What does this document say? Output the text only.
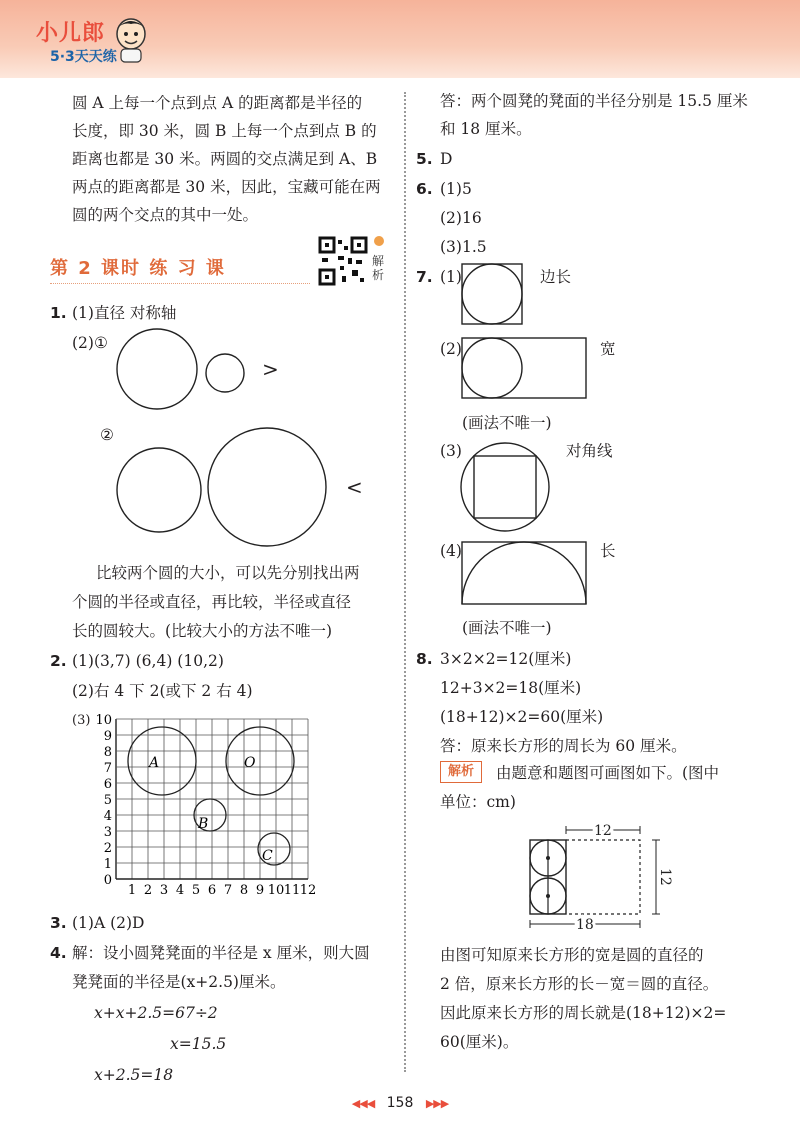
小儿郎
5·3天天练
圆 A 上每一个点到点 A 的距离都是半径的
长度，即 30 米，圆 B 上每一个点到点 B 的
距离也都是 30 米。两圆的交点满足到 A、B
两点的距离都是 30 米，因此，宝藏可能在两
圆的两个交点的其中一处。
第 2 课时 练 习 课	解析
1. (1)直径 对称轴
(2)①
>
②
<
比较两个圆的大小，可以先分别找出两
个圆的半径或直径，再比较，半径或直径
长的圆较大。(比较大小的方法不唯一)
2. (1)(3,7) (6,4) (10,2)
(2)右 4 下 2(或下 2 右 4)
(3)
0
1
2
3
4
5
6
7
8
9
10
1 2 3 4 5 6 7 8 9 10 11 12
A	O
B
C
3. (1)A (2)D
4. 解：设小圆凳凳面的半径是 x 厘米，则大圆
凳凳面的半径是(x+2.5)厘米。
x+x+2.5=67÷2
x=15.5
x+2.5=18
答：两个圆凳的凳面的半径分别是 15.5 厘米
和 18 厘米。
5. D
6. (1)5
(2)16
(3)1.5
7. (1)	边长
(2)	宽
(画法不唯一)
(3)	对角线
(4)	长
(画法不唯一)
8. 3×2×2=12(厘米)
12+3×2=18(厘米)
(18+12)×2=60(厘米)
答：原来长方形的周长为 60 厘米。
解析	由题意和题图可画图如下。(图中
单位：cm)
12
12
18
由图可知原来长方形的宽是圆的直径的
2 倍，原来长方形的长－宽＝圆的直径。
因此原来长方形的周长就是(18+12)×2=
60(厘米)。
◀◀◀ 158 ▶▶▶
